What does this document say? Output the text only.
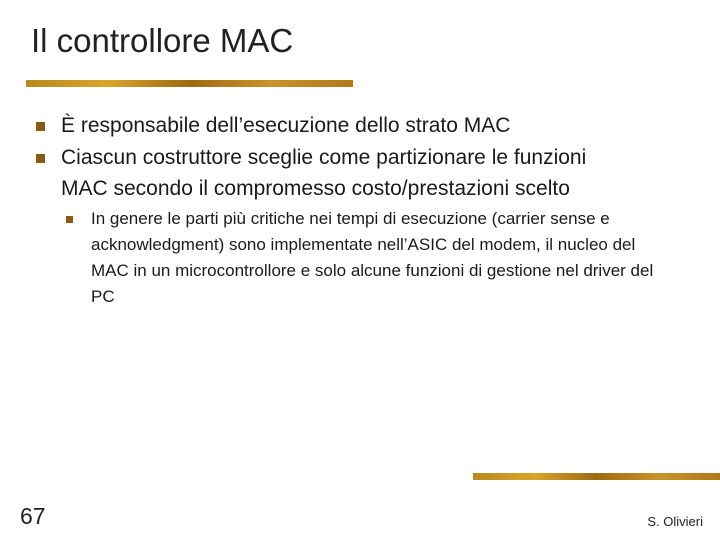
Il controllore MAC
È responsabile dell’esecuzione dello strato MAC
Ciascun costruttore sceglie come partizionare le funzioni
MAC secondo il compromesso costo/prestazioni scelto
In genere le parti più critiche nei tempi di esecuzione (carrier sense e acknowledgment) sono implementate nell’ASIC del modem, il nucleo del MAC in un microcontrollore e solo alcune funzioni di gestione nel driver del PC
67	S. Olivieri
